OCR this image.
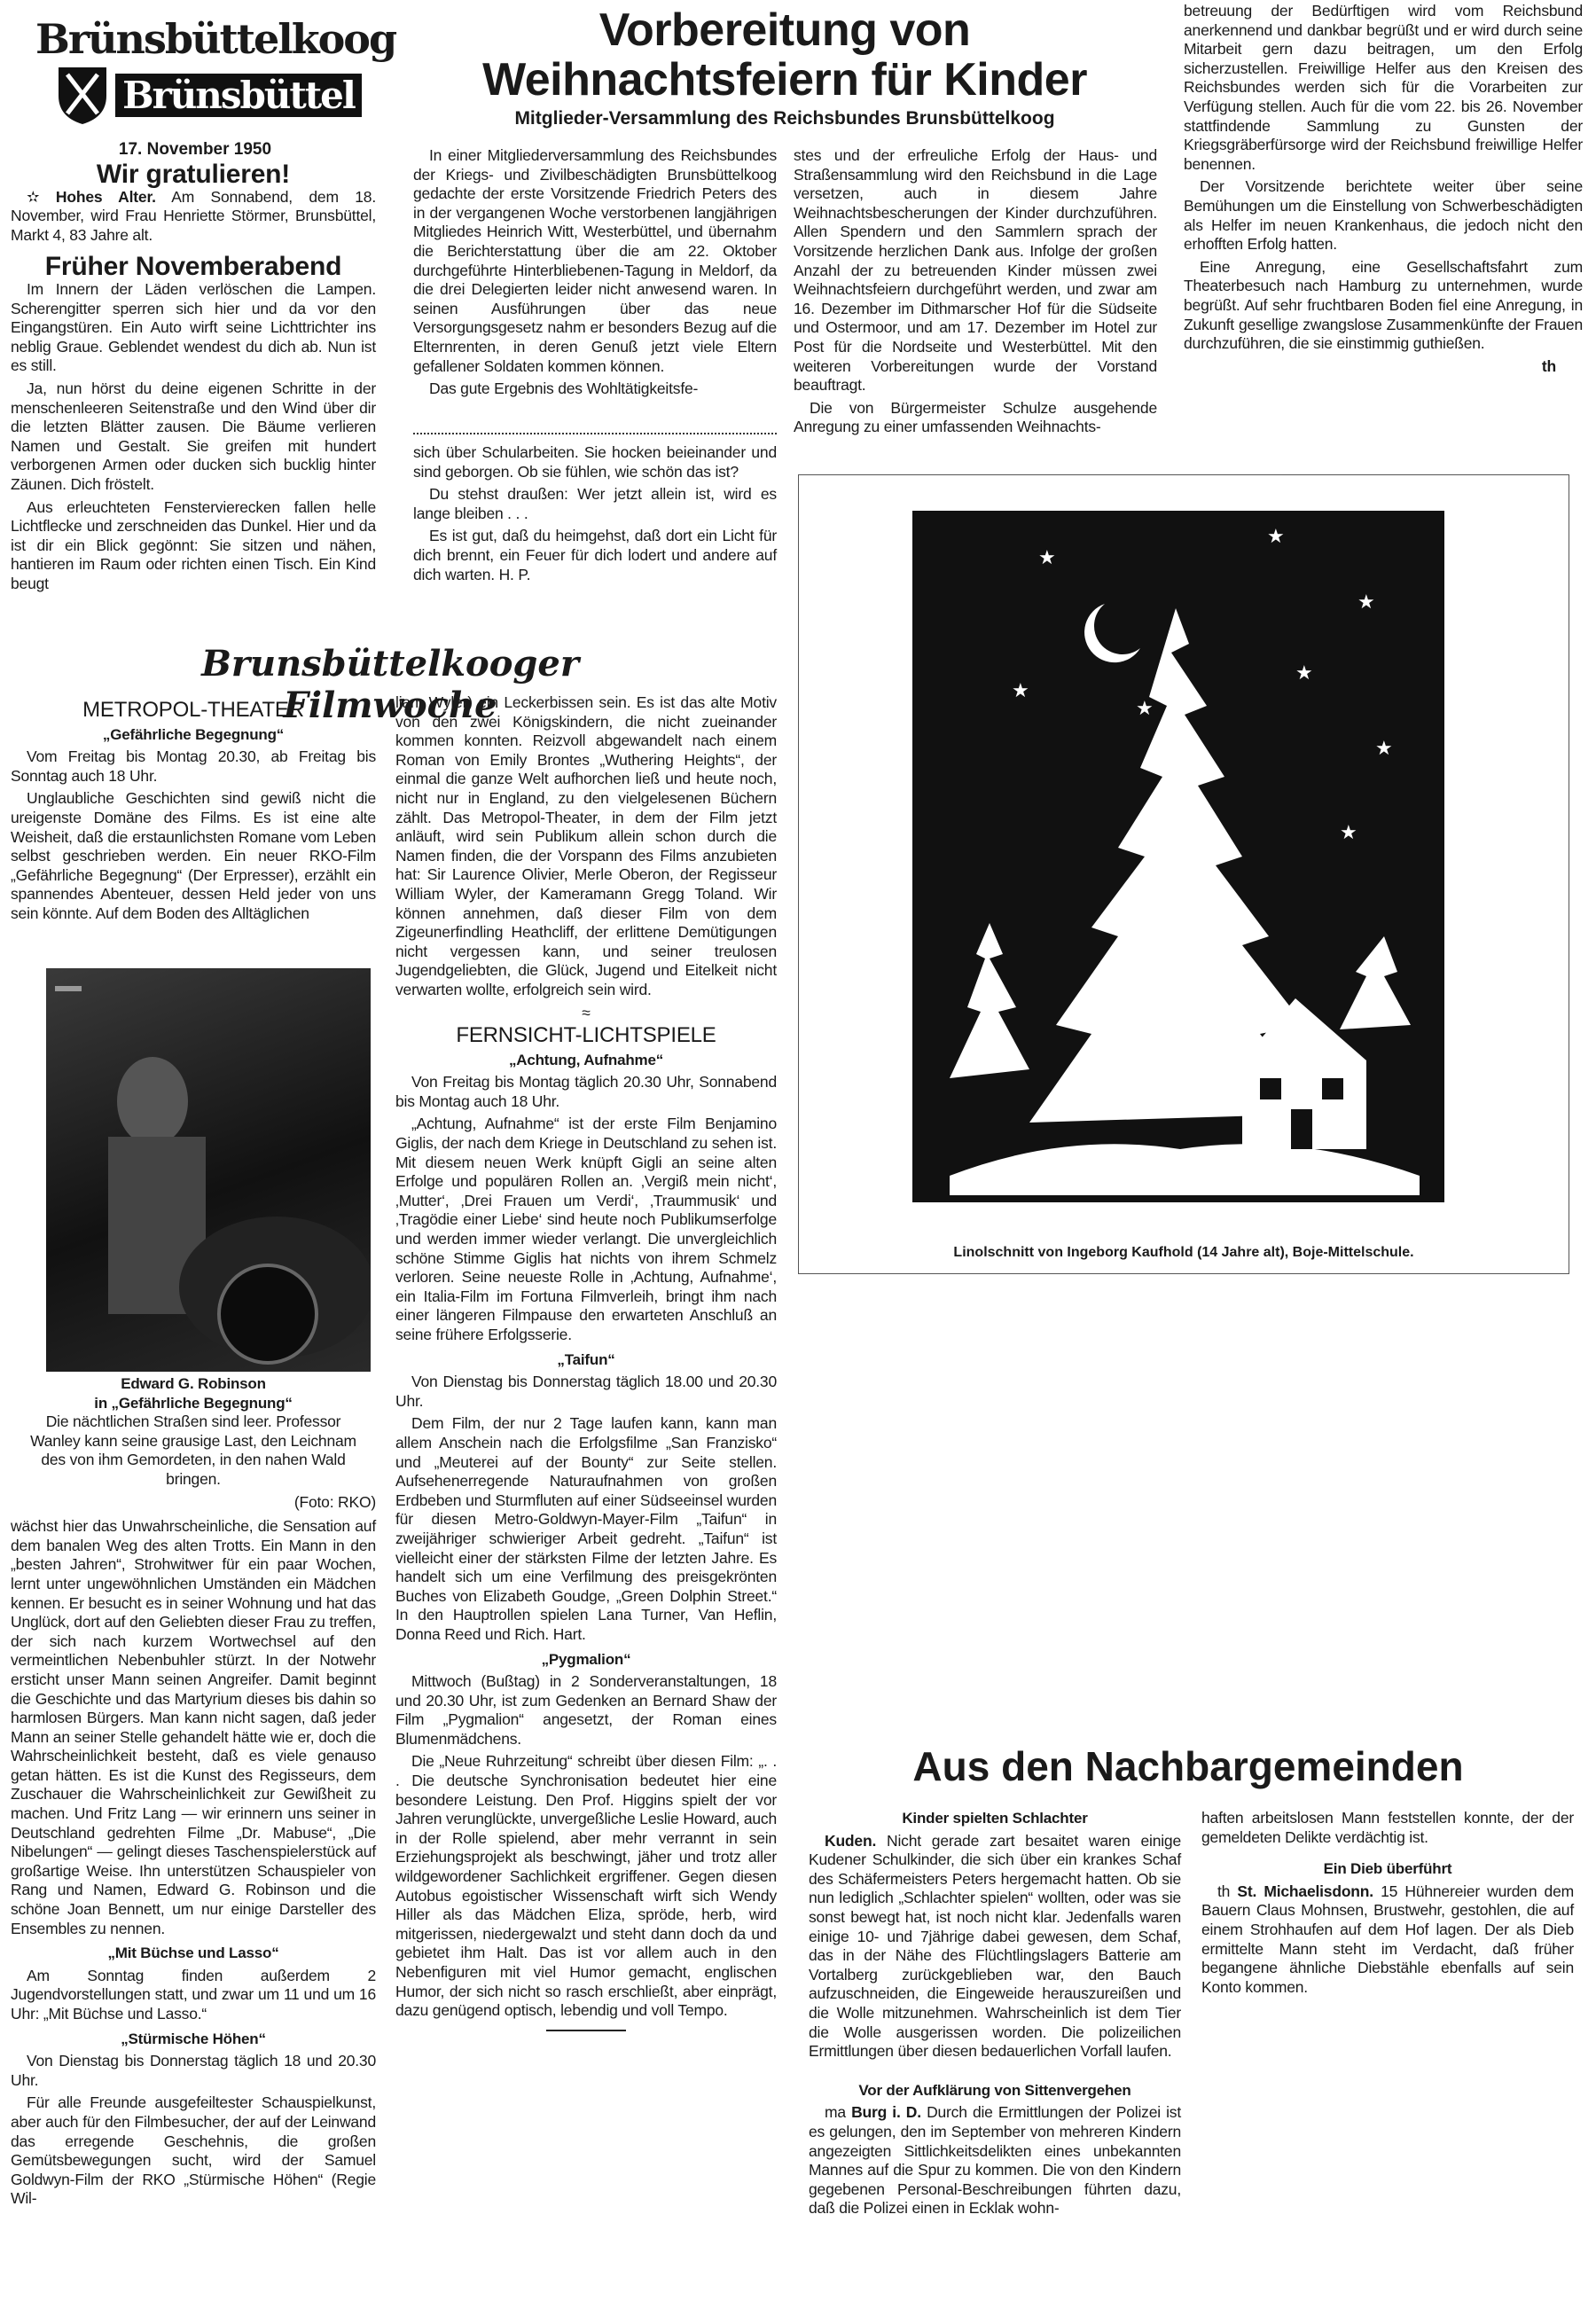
Brünsbüttelkoog
Brünsbüttel
17. November 1950
Wir gratulieren!

✫ Hohes Alter. Am Sonnabend, dem 18. November, wird Frau Henriette Störmer, Brunsbüttel, Markt 4, 83 Jahre alt.

Früher Novemberabend

Im Innern der Läden verlöschen die Lampen. Scherengitter sperren sich hier und da vor den Eingangstüren. Ein Auto wirft seine Lichttrichter ins neblig Graue. Geblendet wendest du dich ab. Nun ist es still.

Ja, nun hörst du deine eigenen Schritte in der menschenleeren Seitenstraße und den Wind über dir die letzten Blätter zausen. Die Bäume verlieren Namen und Gestalt. Sie greifen mit hundert verborgenen Armen oder ducken sich bucklig hinter Zäunen. Dich fröstelt.

Aus erleuchteten Fenstervierecken fallen helle Lichtflecke und zerschneiden das Dunkel. Hier und da ist dir ein Blick gegönnt: Sie sitzen und nähen, hantieren im Raum oder richten einen Tisch. Ein Kind beugt

Vorbereitung von
Weihnachtsfeiern für Kinder
Mitglieder-Versammlung des Reichsbundes Brunsbüttelkoog

In einer Mitgliederversammlung des Reichsbundes der Kriegs- und Zivilbeschädigten Brunsbüttelkoog gedachte der erste Vorsitzende Friedrich Peters des in der vergangenen Woche verstorbenen langjährigen Mitgliedes Heinrich Witt, Westerbüttel, und übernahm die Berichterstattung über die am 22. Oktober durchgeführte Hinterbliebenen-Tagung in Meldorf, da die drei Delegierten leider nicht anwesend waren. In seinen Ausführungen über das neue Versorgungsgesetz nahm er besonders Bezug auf die Elternrenten, in deren Genuß jetzt viele Eltern gefallener Soldaten kommen können.

Das gute Ergebnis des Wohltätigkeitsfe-

sich über Schularbeiten. Sie hocken beieinander und sind geborgen. Ob sie fühlen, wie schön das ist?

Du stehst draußen: Wer jetzt allein ist, wird es lange bleiben . . .

Es ist gut, daß du heimgehst, daß dort ein Licht für dich brennt, ein Feuer für dich lodert und andere auf dich warten. H. P.

stes und der erfreuliche Erfolg der Haus- und Straßensammlung wird den Reichsbund in die Lage versetzen, auch in diesem Jahre Weihnachtsbescherungen der Kinder durchzuführen. Allen Spendern und den Sammlern sprach der Vorsitzende herzlichen Dank aus. Infolge der großen Anzahl der zu betreuenden Kinder müssen zwei Weihnachtsfeiern durchgeführt werden, und zwar am 16. Dezember im Dithmarscher Hof für die Südseite und Ostermoor, und am 17. Dezember im Hotel zur Post für die Nordseite und Westerbüttel. Mit den weiteren Vorbereitungen wurde der Vorstand beauftragt.

Die von Bürgermeister Schulze ausgehende Anregung zu einer umfassenden Weihnachts-

betreuung der Bedürftigen wird vom Reichsbund anerkennend und dankbar begrüßt und er wird durch seine Mitarbeit gern dazu beitragen, um den Erfolg sicherzustellen. Freiwillige Helfer aus den Kreisen des Reichsbundes werden sich für die Vorarbeiten zur Verfügung stellen. Auch für die vom 22. bis 26. November stattfindende Sammlung zu Gunsten der Kriegsgräberfürsorge wird der Reichsbund freiwillige Helfer benennen.

Der Vorsitzende berichtete weiter über seine Bemühungen um die Einstellung von Schwerbeschädigten als Helfer im neuen Krankenhaus, die jedoch nicht den erhofften Erfolg hatten.

Eine Anregung, eine Gesellschaftsfahrt zum Theaterbesuch nach Hamburg zu unternehmen, wurde begrüßt. Auf sehr fruchtbaren Boden fiel eine Anregung, in Zukunft gesellige zwangslose Zusammenkünfte der Frauen durchzuführen, die sie einstimmig guthießen.

th
★
★
★
★
★
★
★
★
Linolschnitt von Ingeborg Kaufhold (14 Jahre alt), Boje-Mittelschule.
Brunsbüttelkooger Filmwoche
METROPOL-THEATER
„Gefährliche Begegnung“

Vom Freitag bis Montag 20.30, ab Freitag bis Sonntag auch 18 Uhr.

Unglaubliche Geschichten sind gewiß nicht die ureigenste Domäne des Films. Es ist eine alte Weisheit, daß die erstaunlichsten Romane vom Leben selbst geschrieben werden. Ein neuer RKO-Film „Gefährliche Begegnung“ (Der Erpresser), erzählt ein spannendes Abenteuer, dessen Held jeder von uns sein könnte. Auf dem Boden des Alltäglichen

Edward G. Robinson
in „Gefährliche Begegnung“

Die nächtlichen Straßen sind leer. Professor Wanley kann seine grausige Last, den Leichnam des von ihm Gemordeten, in den nahen Wald bringen.

(Foto: RKO)

wächst hier das Unwahrscheinliche, die Sensation auf dem banalen Weg des alten Trotts. Ein Mann in den „besten Jahren“, Strohwitwer für ein paar Wochen, lernt unter ungewöhnlichen Umständen ein Mädchen kennen. Er besucht es in seiner Wohnung und hat das Unglück, dort auf den Geliebten dieser Frau zu treffen, der sich nach kurzem Wortwechsel auf den vermeintlichen Nebenbuhler stürzt. In der Notwehr ersticht unser Mann seinen Angreifer. Damit beginnt die Geschichte und das Martyrium dieses bis dahin so harmlosen Bürgers. Man kann nicht sagen, daß jeder Mann an seiner Stelle gehandelt hätte wie er, doch die Wahrscheinlichkeit besteht, daß es viele genauso getan hätten. Es ist die Kunst des Regisseurs, dem Zuschauer die Wahrscheinlichkeit zur Gewißheit zu machen. Und Fritz Lang — wir erinnern uns seiner in Deutschland gedrehten Filme „Dr. Mabuse“, „Die Nibelungen“ — gelingt dieses Taschenspielerstück auf großartige Weise. Ihn unterstützen Schauspieler von Rang und Namen, Edward G. Robinson und die schöne Joan Bennett, um nur einige Darsteller des Ensembles zu nennen.

„Mit Büchse und Lasso“

Am Sonntag finden außerdem 2 Jugendvorstellungen statt, und zwar um 11 und um 16 Uhr: „Mit Büchse und Lasso.“

„Stürmische Höhen“

Von Dienstag bis Donnerstag täglich 18 und 20.30 Uhr.

Für alle Freunde ausgefeiltester Schauspielkunst, aber auch für den Filmbesucher, der auf der Leinwand das erregende Geschehnis, die großen Gemütsbewegungen sucht, wird der Samuel Goldwyn-Film der RKO „Stürmische Höhen“ (Regie Wil-

liam Wyler) ein Leckerbissen sein. Es ist das alte Motiv von den zwei Königskindern, die nicht zueinander kommen konnten. Reizvoll abgewandelt nach einem Roman von Emily Brontes „Wuthering Heights“, der einmal die ganze Welt aufhorchen ließ und heute noch, nicht nur in England, zu den vielgelesenen Büchern zählt. Das Metropol-Theater, in dem der Film jetzt anläuft, wird sein Publikum allein schon durch die Namen finden, die der Vorspann des Films anzubieten hat: Sir Laurence Olivier, Merle Oberon, der Regisseur William Wyler, der Kameramann Gregg Toland. Wir können annehmen, daß dieser Film von dem Zigeunerfindling Heathcliff, der erlittene Demütigungen nicht vergessen kann, und seiner treulosen Jugendgeliebten, die Glück, Jugend und Eitelkeit nicht verwarten wollte, erfolgreich sein wird.

≈
FERNSICHT-LICHTSPIELE
„Achtung, Aufnahme“

Von Freitag bis Montag täglich 20.30 Uhr, Sonnabend bis Montag auch 18 Uhr.

„Achtung, Aufnahme“ ist der erste Film Benjamino Giglis, der nach dem Kriege in Deutschland zu sehen ist. Mit diesem neuen Werk knüpft Gigli an seine alten Erfolge und populären Rollen an. ‚Vergiß mein nicht‘, ‚Mutter‘, ‚Drei Frauen um Verdi‘, ‚Traummusik‘ und ‚Tragödie einer Liebe‘ sind heute noch Publikumserfolge und werden immer wieder verlangt. Die unvergleichlich schöne Stimme Giglis hat nichts von ihrem Schmelz verloren. Seine neueste Rolle in ‚Achtung, Aufnahme‘, ein Italia-Film im Fortuna Filmverleih, bringt ihm nach einer längeren Filmpause den erwarteten Anschluß an seine frühere Erfolgsserie.

„Taifun“

Von Dienstag bis Donnerstag täglich 18.00 und 20.30 Uhr.

Dem Film, der nur 2 Tage laufen kann, kann man allem Anschein nach die Erfolgsfilme „San Franzisko“ und „Meuterei auf der Bounty“ zur Seite stellen. Aufsehenerregende Naturaufnahmen von großen Erdbeben und Sturmfluten auf einer Südseeinsel wurden für diesen Metro-Goldwyn-Mayer-Film „Taifun“ in zweijähriger schwieriger Arbeit gedreht. „Taifun“ ist vielleicht einer der stärksten Filme der letzten Jahre. Es handelt sich um eine Verfilmung des preisgekrönten Buches von Elizabeth Goudge, „Green Dolphin Street.“ In den Hauptrollen spielen Lana Turner, Van Heflin, Donna Reed und Rich. Hart.

„Pygmalion“

Mittwoch (Bußtag) in 2 Sonderveranstaltungen, 18 und 20.30 Uhr, ist zum Gedenken an Bernard Shaw der Film „Pygmalion“ angesetzt, der Roman eines Blumenmädchens.

Die „Neue Ruhrzeitung“ schreibt über diesen Film: „. . . Die deutsche Synchronisation bedeutet hier eine besondere Leistung. Den Prof. Higgins spielt der vor Jahren verunglückte, unvergeßliche Leslie Howard, auch in der Rolle spielend, aber mehr verrannt in sein Erziehungsprojekt als beschwingt, jäher und trotz aller wildgewordener Sachlichkeit ergriffener. Gegen diesen Autobus egoistischer Wissenschaft wirft sich Wendy Hiller als das Mädchen Eliza, spröde, herb, wird mitgerissen, niedergewalzt und steht dann doch da und gebietet ihm Halt. Das ist vor allem auch in den Nebenfiguren mit viel Humor gemacht, englischen Humor, der sich nicht so rasch erschließt, aber einprägt, dazu genügend optisch, lebendig und voll Tempo.

Aus den Nachbargemeinden
Kinder spielten Schlachter

Kuden. Nicht gerade zart besaitet waren einige Kudener Schulkinder, die sich über ein krankes Schaf des Schäfermeisters Peters hergemacht hatten. Ob sie nun lediglich „Schlachter spielen“ wollten, oder was sie sonst bewegt hat, ist noch nicht klar. Jedenfalls waren einige 10- und 7jährige dabei gewesen, dem Schaf, das in der Nähe des Flüchtlingslagers Batterie am Vortalberg zurückgeblieben war, den Bauch aufzuschneiden, die Eingeweide herauszureißen und die Wolle mitzunehmen. Wahrscheinlich ist dem Tier die Wolle ausgerissen worden. Die polizeilichen Ermittlungen über diesen bedauerlichen Vorfall laufen.

Vor der Aufklärung von Sittenvergehen

ma Burg i. D. Durch die Ermittlungen der Polizei ist es gelungen, den im September von mehreren Kindern angezeigten Sittlichkeitsdelikten eines unbekannten Mannes auf die Spur zu kommen. Die von den Kindern gegebenen Personal-Beschreibungen führten dazu, daß die Polizei einen in Ecklak wohn-

haften arbeitslosen Mann feststellen konnte, der der gemeldeten Delikte verdächtig ist.

Ein Dieb überführt

th St. Michaelisdonn. 15 Hühnereier wurden dem Bauern Claus Mohnsen, Brustwehr, gestohlen, die auf einem Strohhaufen auf dem Hof lagen. Der als Dieb ermittelte Mann steht im Verdacht, daß früher begangene ähnliche Diebstähle ebenfalls auf sein Konto kommen.
